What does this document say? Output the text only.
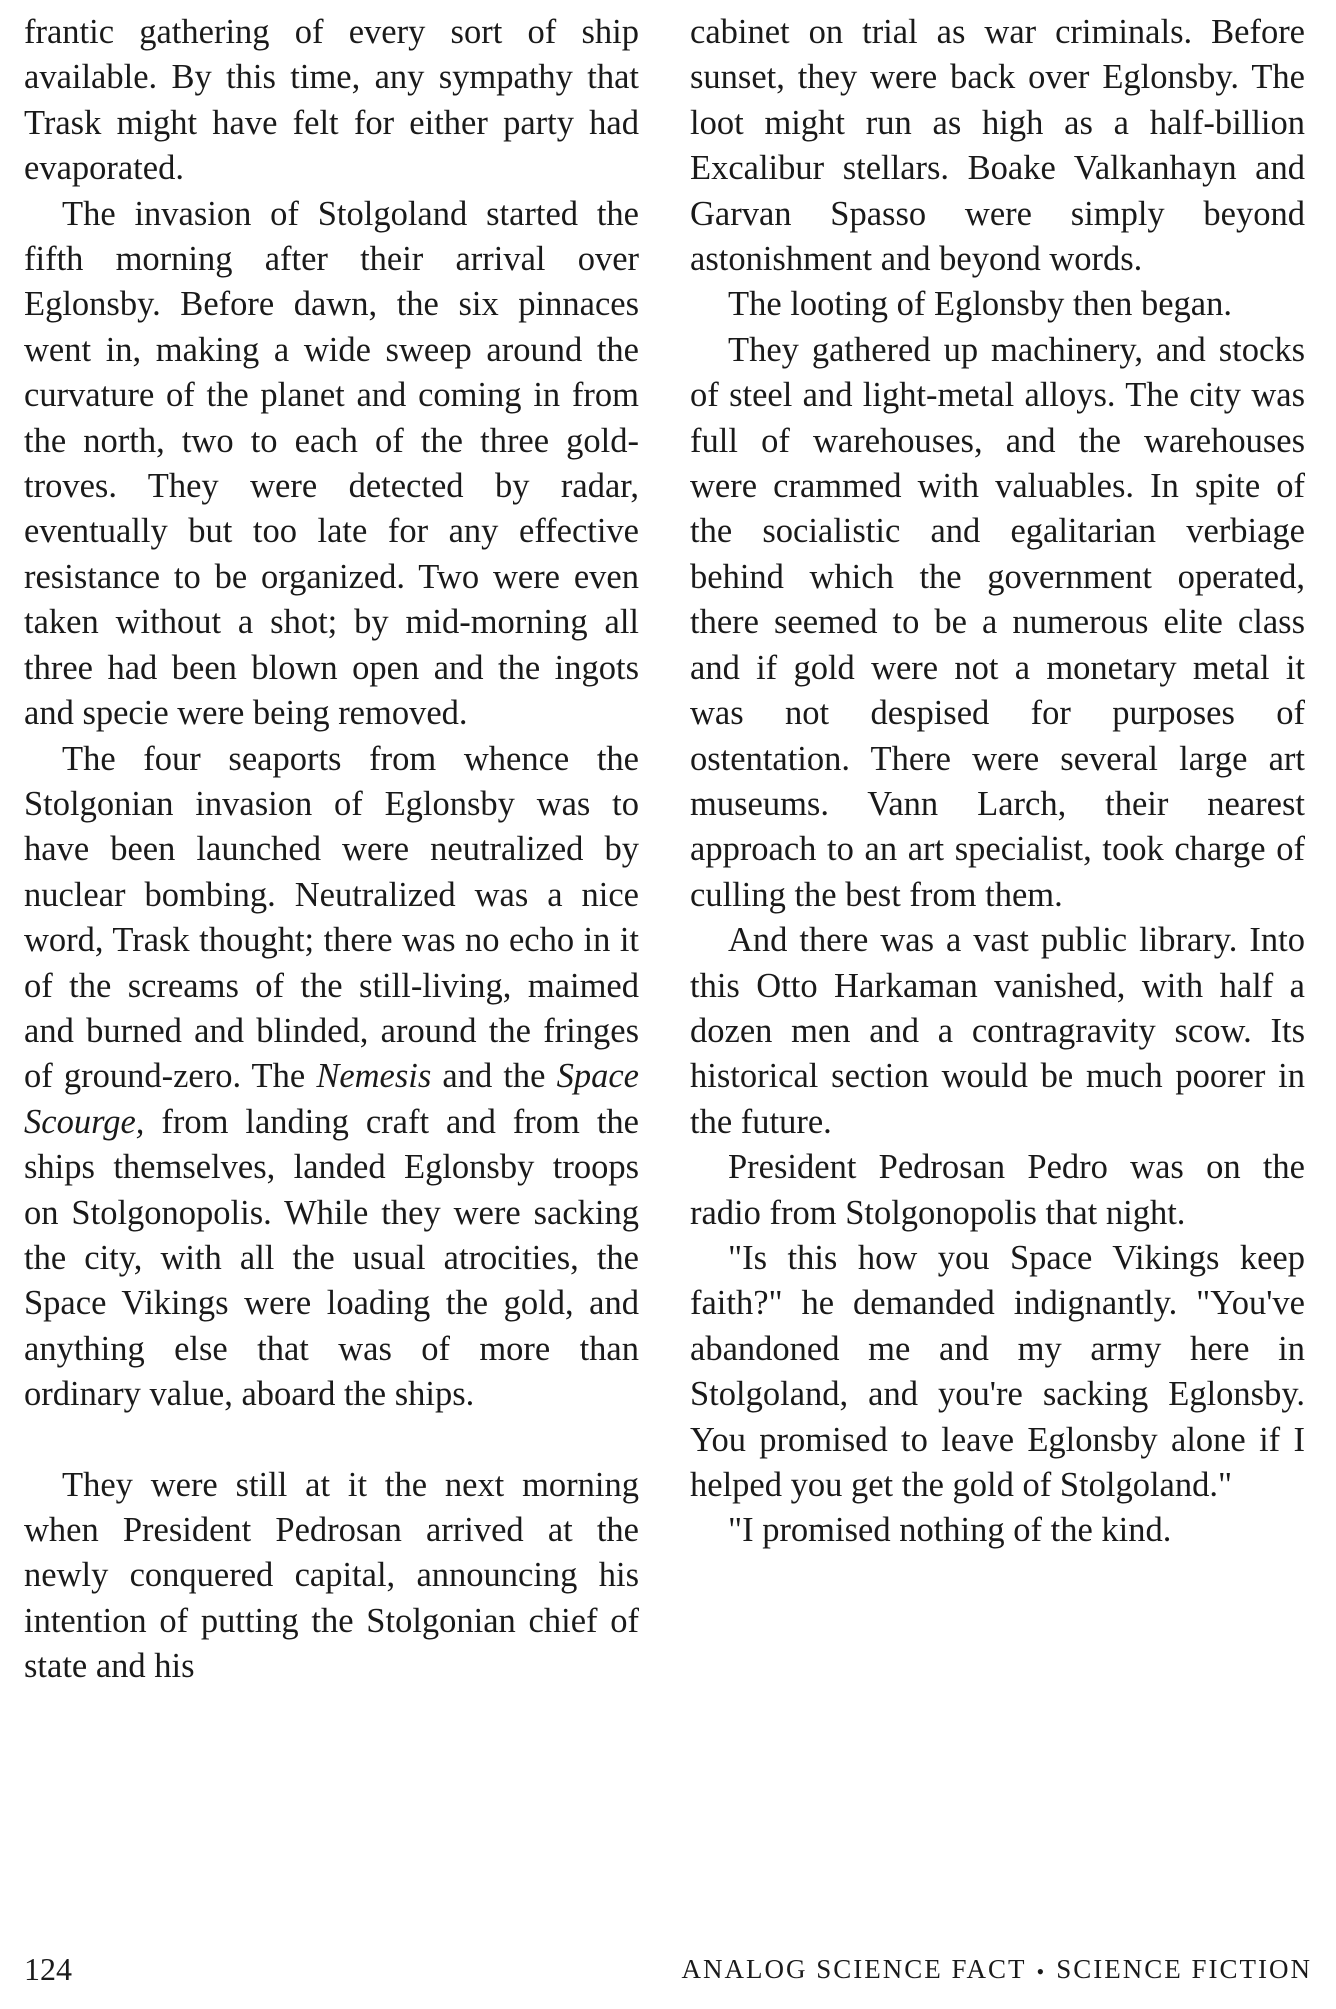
frantic gathering of every sort of ship available. By this time, any sympathy that Trask might have felt for either party had evaporated.

The invasion of Stolgoland started the fifth morning after their arrival over Eglonsby. Before dawn, the six pinnaces went in, making a wide sweep around the curvature of the planet and coming in from the north, two to each of the three gold-troves. They were detected by radar, eventually but too late for any effective resistance to be organized. Two were even taken without a shot; by mid-morning all three had been blown open and the ingots and specie were being removed.

The four seaports from whence the Stolgonian invasion of Eglonsby was to have been launched were neutralized by nuclear bombing. Neutralized was a nice word, Trask thought; there was no echo in it of the screams of the still-living, maimed and burned and blinded, around the fringes of ground-zero. The Nemesis and the Space Scourge, from landing craft and from the ships themselves, landed Eglonsby troops on Stolgonopolis. While they were sacking the city, with all the usual atrocities, the Space Vikings were loading the gold, and anything else that was of more than ordinary value, aboard the ships.

They were still at it the next morning when President Pedrosan arrived at the newly conquered capital, announcing his intention of putting the Stolgonian chief of state and his

cabinet on trial as war criminals. Before sunset, they were back over Eglonsby. The loot might run as high as a half-billion Excalibur stellars. Boake Valkanhayn and Garvan Spasso were simply beyond astonishment and beyond words.

The looting of Eglonsby then began.

They gathered up machinery, and stocks of steel and light-metal alloys. The city was full of warehouses, and the warehouses were crammed with valuables. In spite of the socialistic and egalitarian verbiage behind which the government operated, there seemed to be a numerous elite class and if gold were not a monetary metal it was not despised for purposes of ostentation. There were several large art museums. Vann Larch, their nearest approach to an art specialist, took charge of culling the best from them.

And there was a vast public library. Into this Otto Harkaman vanished, with half a dozen men and a contragravity scow. Its historical section would be much poorer in the future.

President Pedrosan Pedro was on the radio from Stolgonopolis that night.

"Is this how you Space Vikings keep faith?" he demanded indignantly. "You've abandoned me and my army here in Stolgoland, and you're sacking Eglonsby. You promised to leave Eglonsby alone if I helped you get the gold of Stolgoland."

"I promised nothing of the kind.

124	ANALOG SCIENCE FACT • SCIENCE FICTION
